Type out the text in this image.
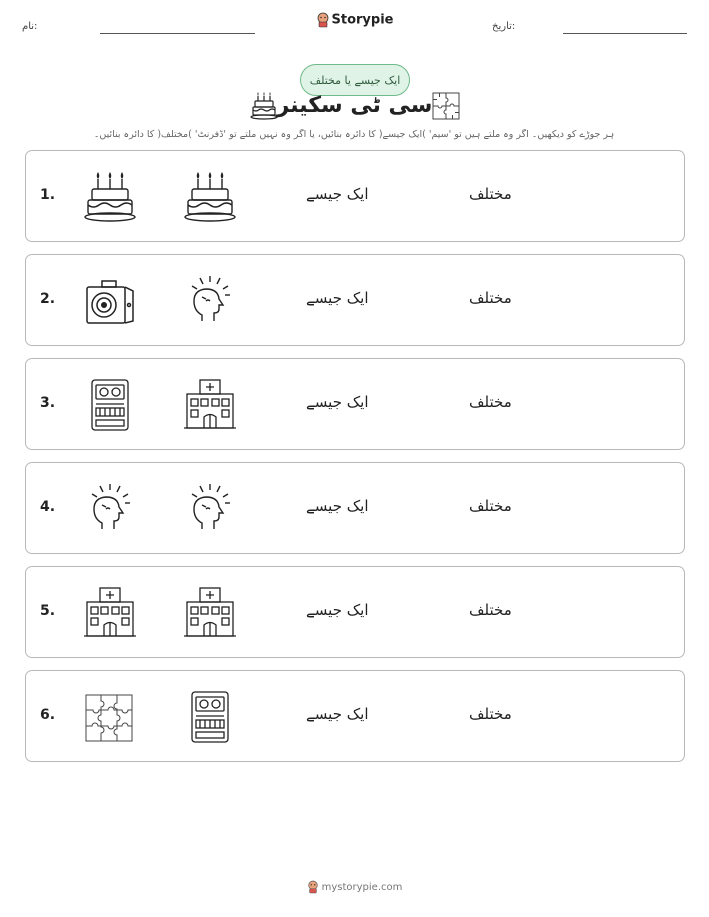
نام:	Storypie	تاریخ:
ایک جیسے یا مختلف
سی ٹی سکینر
ہر جوڑے کو دیکھیں۔ اگر وہ ملتے ہیں تو 'سیم' )ایک جیسے( کا دائرہ بنائیں، یا اگر وہ نہیں ملتے تو 'ڈفرنٹ' )مختلف( کا دائرہ بنائیں۔
1.	ایک جیسے	مختلف
2.	ایک جیسے	مختلف
3.	ایک جیسے	مختلف
4.	ایک جیسے	مختلف
5.	ایک جیسے	مختلف
6.	ایک جیسے	مختلف
mystorypie.com
